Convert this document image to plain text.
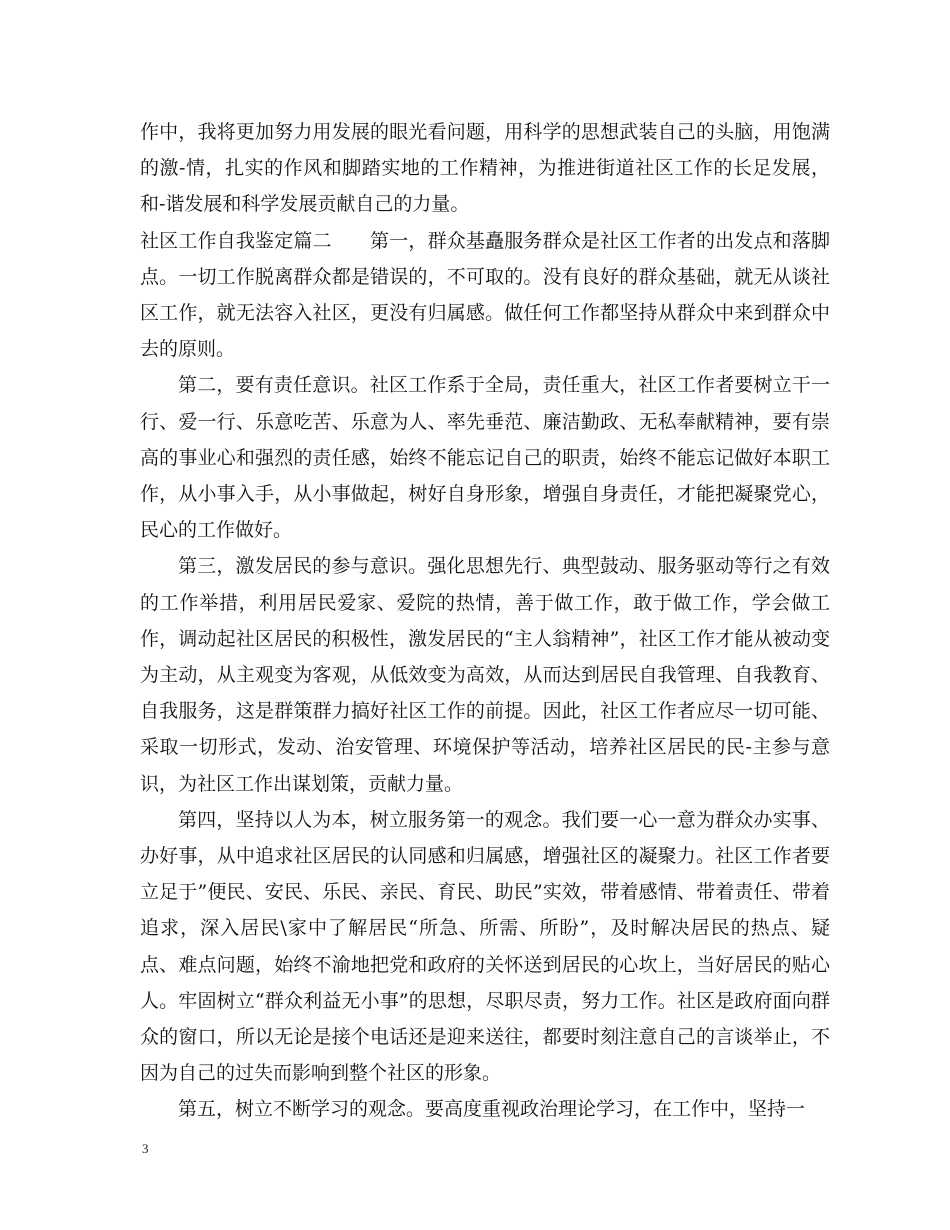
作中，我将更加努力用发展的眼光看问题，用科学的思想武装自己的头脑，用饱满的激-情，扎实的作风和脚踏实地的工作精神，为推进街道社区工作的长足发展，和-谐发展和科学发展贡献自己的力量。

社区工作自我鉴定篇二　　第一，群众基矗服务群众是社区工作者的出发点和落脚点。一切工作脱离群众都是错误的，不可取的。没有良好的群众基础，就无从谈社区工作，就无法容入社区，更没有归属感。做任何工作都坚持从群众中来到群众中去的原则。

第二，要有责任意识。社区工作系于全局，责任重大，社区工作者要树立干一行、爱一行、乐意吃苦、乐意为人、率先垂范、廉洁勤政、无私奉献精神，要有崇高的事业心和强烈的责任感，始终不能忘记自己的职责，始终不能忘记做好本职工作，从小事入手，从小事做起，树好自身形象，增强自身责任，才能把凝聚党心，民心的工作做好。

第三，激发居民的参与意识。强化思想先行、典型鼓动、服务驱动等行之有效的工作举措，利用居民爱家、爱院的热情，善于做工作，敢于做工作，学会做工作，调动起社区居民的积极性，激发居民的“主人翁精神”，社区工作才能从被动变为主动，从主观变为客观，从低效变为高效，从而达到居民自我管理、自我教育、自我服务，这是群策群力搞好社区工作的前提。因此，社区工作者应尽一切可能、采取一切形式，发动、治安管理、环境保护等活动，培养社区居民的民-主参与意识，为社区工作出谋划策，贡献力量。

第四，坚持以人为本，树立服务第一的观念。我们要一心一意为群众办实事、办好事，从中追求社区居民的认同感和归属感，增强社区的凝聚力。社区工作者要立足于”便民、安民、乐民、亲民、育民、助民”实效，带着感情、带着责任、带着追求，深入居民\家中了解居民“所急、所需、所盼”，及时解决居民的热点、疑点、难点问题，始终不渝地把党和政府的关怀送到居民的心坎上，当好居民的贴心人。牢固树立“群众利益无小事”的思想，尽职尽责，努力工作。社区是政府面向群众的窗口，所以无论是接个电话还是迎来送往，都要时刻注意自己的言谈举止，不因为自己的过失而影响到整个社区的形象。

第五，树立不断学习的观念。要高度重视政治理论学习，在工作中，坚持一

3
